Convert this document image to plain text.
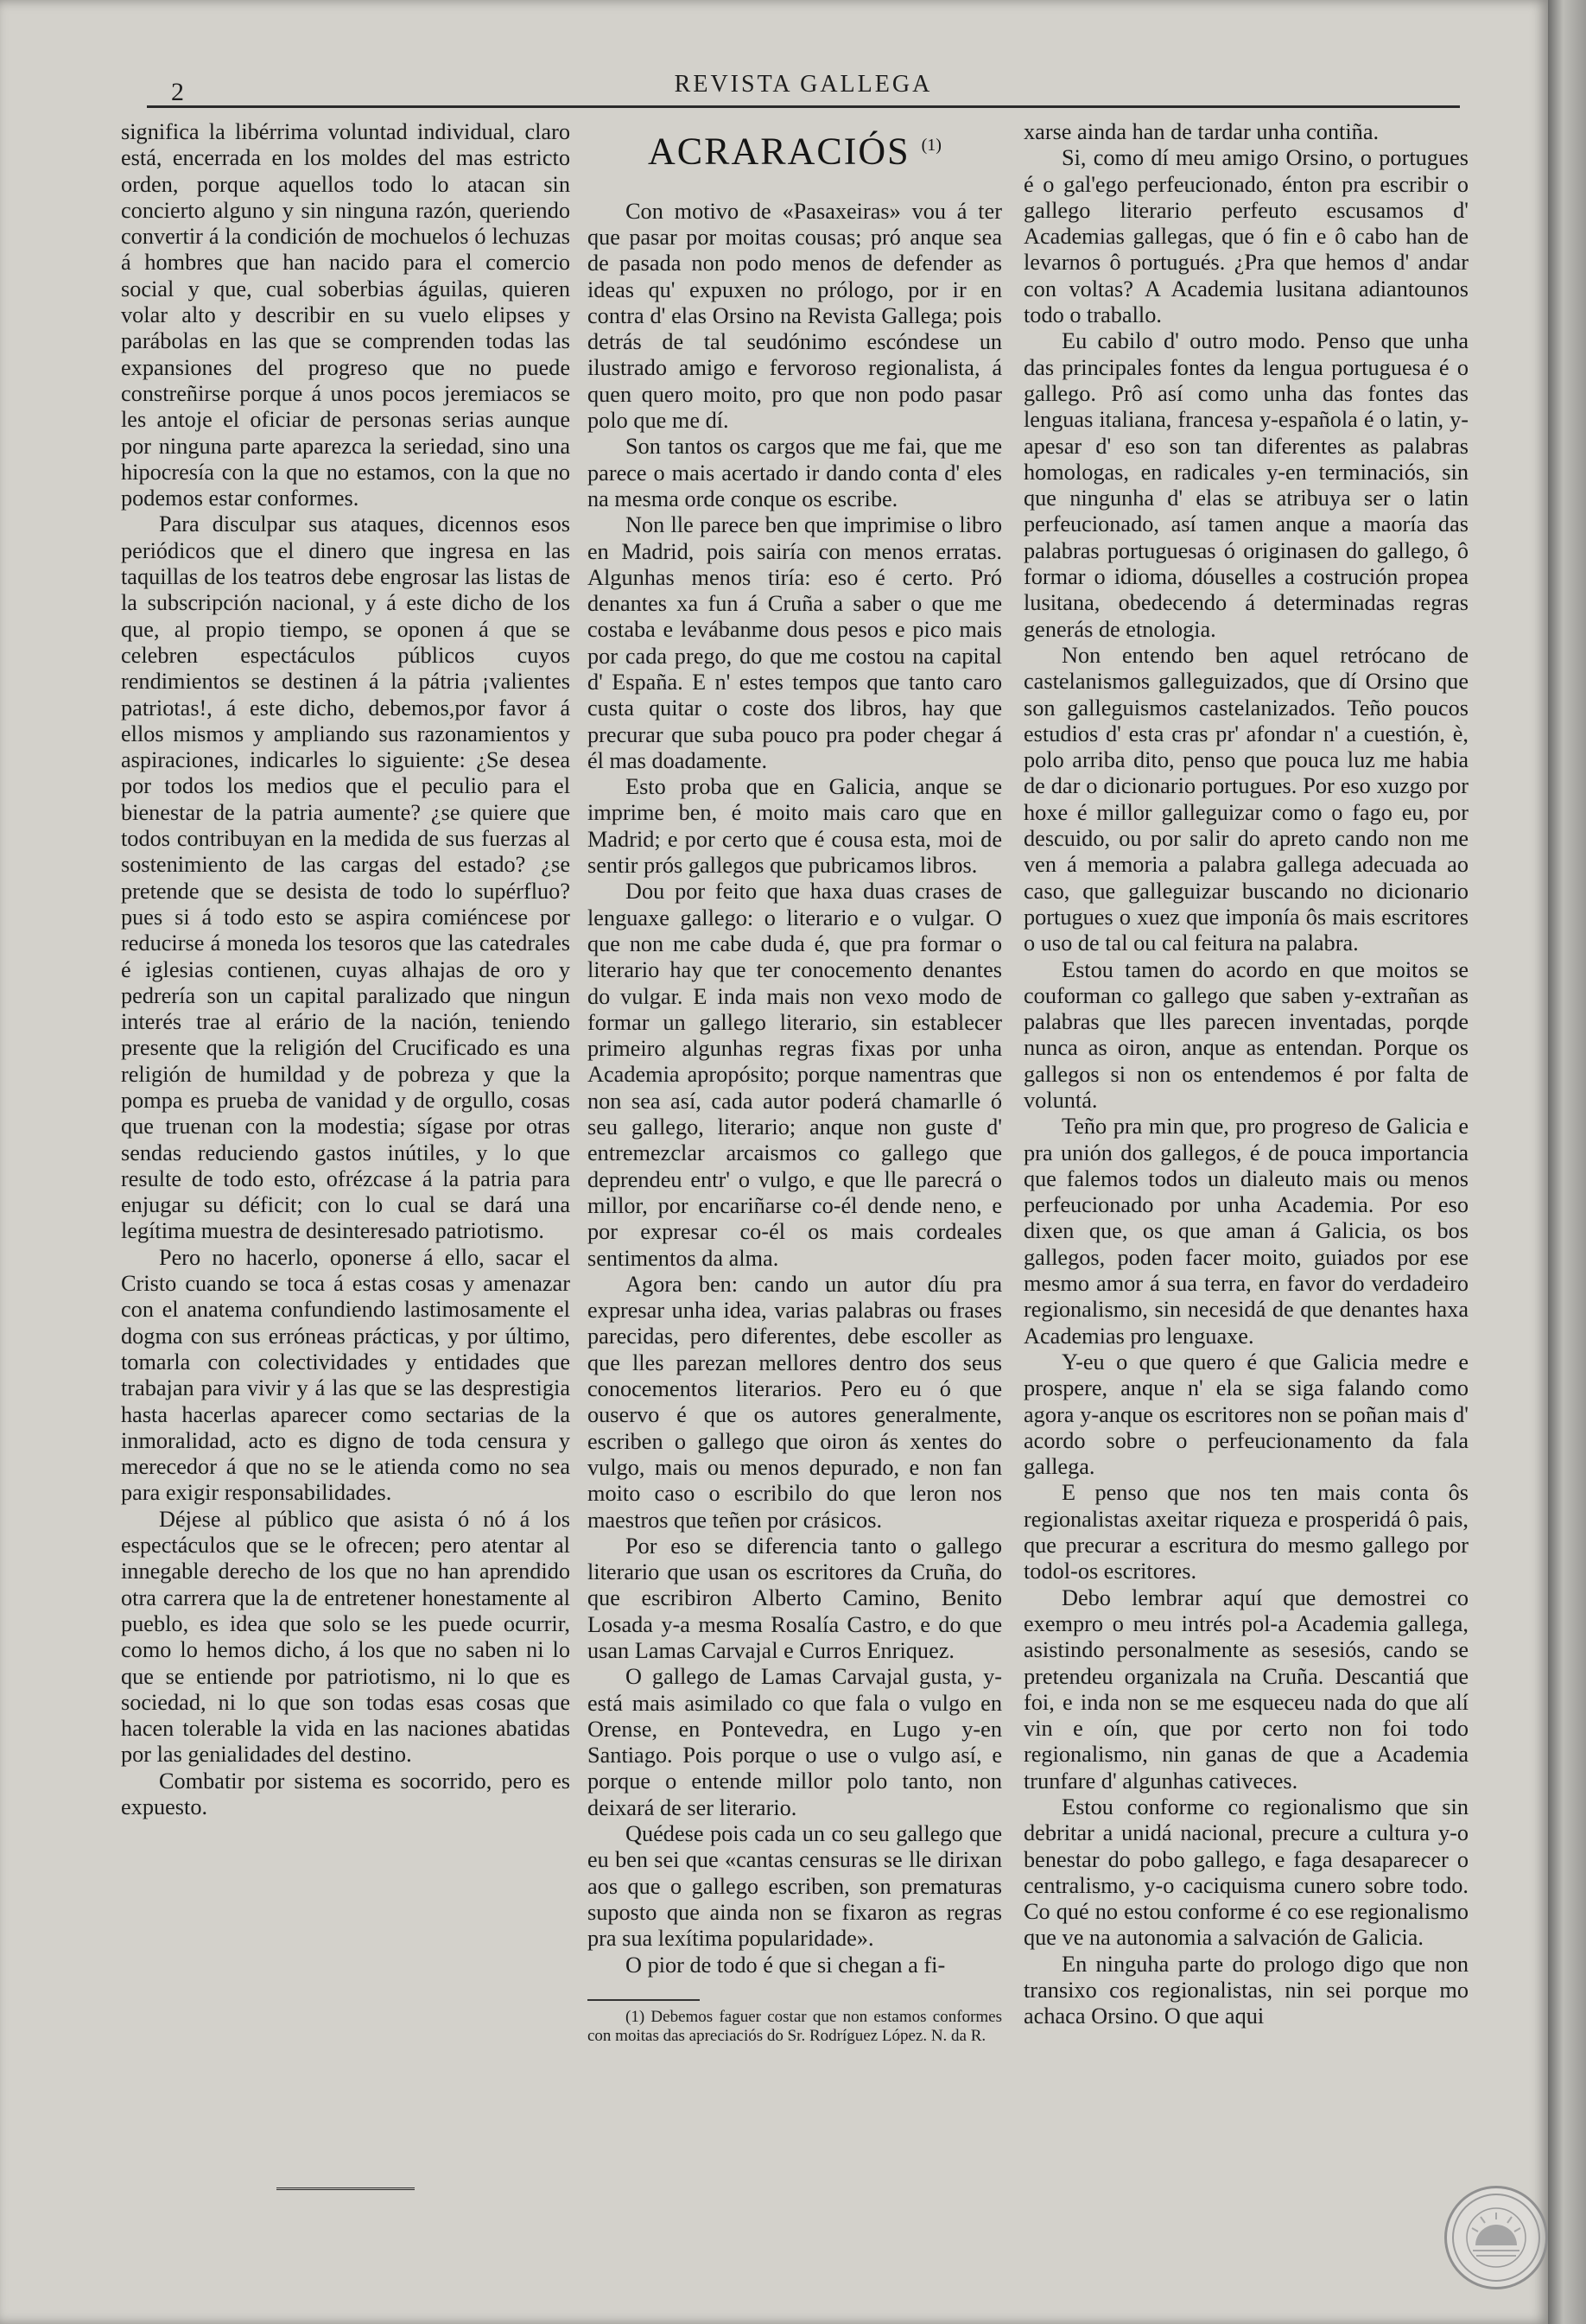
2	REVISTA GALLEGA

significa la libérrima voluntad individual, claro está, encerrada en los moldes del mas estricto orden, porque aquellos todo lo atacan sin concierto alguno y sin ninguna razón, queriendo convertir á la condición de mochuelos ó lechuzas á hombres que han nacido para el comercio social y que, cual soberbias águilas, quieren volar alto y describir en su vuelo elipses y parábolas en las que se comprenden todas las expansiones del progreso que no puede constreñirse porque á unos pocos jeremiacos se les antoje el oficiar de personas serias aunque por ninguna parte aparezca la seriedad, sino una hipocresía con la que no estamos, con la que no podemos estar conformes.

Para disculpar sus ataques, dicennos esos periódicos que el dinero que ingresa en las taquillas de los teatros debe engrosar las listas de la subscripción nacional, y á este dicho de los que, al propio tiempo, se oponen á que se celebren espectáculos públicos cuyos rendimientos se destinen á la pátria ¡valientes patriotas!, á este dicho, debemos,por favor á ellos mismos y ampliando sus razonamientos y aspiraciones, indicarles lo siguiente: ¿Se desea por todos los medios que el peculio para el bienestar de la patria aumente? ¿se quiere que todos contribuyan en la medida de sus fuerzas al sostenimiento de las cargas del estado? ¿se pretende que se desista de todo lo supérfluo? pues si á todo esto se aspira comiéncese por reducirse á moneda los tesoros que las catedrales é iglesias contienen, cuyas alhajas de oro y pedrería son un capital paralizado que ningun interés trae al erário de la nación, teniendo presente que la religión del Crucificado es una religión de humildad y de pobreza y que la pompa es prueba de vanidad y de orgullo, cosas que truenan con la modestia; sígase por otras sendas reduciendo gastos inútiles, y lo que resulte de todo esto, ofrézcase á la patria para enjugar su déficit; con lo cual se dará una legítima muestra de desinteresado patriotismo.

Pero no hacerlo, oponerse á ello, sacar el Cristo cuando se toca á estas cosas y amenazar con el anatema confundiendo lastimosamente el dogma con sus erróneas prácticas, y por último, tomarla con colectividades y entidades que trabajan para vivir y á las que se las desprestigia hasta hacerlas aparecer como sectarias de la inmoralidad, acto es digno de toda censura y merecedor á que no se le atienda como no sea para exigir responsabilidades.

Déjese al público que asista ó nó á los espectáculos que se le ofrecen; pero atentar al innegable derecho de los que no han aprendido otra carrera que la de entretener honestamente al pueblo, es idea que solo se les puede ocurrir, como lo hemos dicho, á los que no saben ni lo que se entiende por patriotismo, ni lo que es sociedad, ni lo que son todas esas cosas que hacen tolerable la vida en las naciones abatidas por las genialidades del destino.

Combatir por sistema es socorrido, pero es expuesto.

ACRARACIÓS $^{(1)}$

Con motivo de «Pasaxeiras» vou á ter que pasar por moitas cousas; pró anque sea de pasada non podo menos de defender as ideas qu' expuxen no prólogo, por ir en contra d' elas Orsino na Revista Gallega; pois detrás de tal seudónimo escóndese un ilustrado amigo e fervoroso regionalista, á quen quero moito, pro que non podo pasar polo que me dí.

Son tantos os cargos que me fai, que me parece o mais acertado ir dando conta d' eles na mesma orde conque os escribe.

Non lle parece ben que imprimise o libro en Madrid, pois sairía con menos erratas. Algunhas menos tiría: eso é certo. Pró denantes xa fun á Cruña a saber o que me costaba e levábanme dous pesos e pico mais por cada prego, do que me costou na capital d' España. E n' estes tempos que tanto caro custa quitar o coste dos libros, hay que precurar que suba pouco pra poder chegar á él mas doadamente.

Esto proba que en Galicia, anque se imprime ben, é moito mais caro que en Madrid; e por certo que é cousa esta, moi de sentir prós gallegos que pubricamos libros.

Dou por feito que haxa duas crases de lenguaxe gallego: o literario e o vulgar. O que non me cabe duda é, que pra formar o literario hay que ter conocemento denantes do vulgar. E inda mais non vexo modo de formar un gallego literario, sin establecer primeiro algunhas regras fixas por unha Academia apropósito; porque namentras que non sea así, cada autor poderá chamarlle ó seu gallego, literario; anque non guste d' entremezclar arcaismos co gallego que deprendeu entr' o vulgo, e que lle parecrá o millor, por encariñarse co-él dende neno, e por expresar co-él os mais cordeales sentimentos da alma.

Agora ben: cando un autor díu pra expresar unha idea, varias palabras ou frases parecidas, pero diferentes, debe escoller as que lles parezan mellores dentro dos seus conocementos literarios. Pero eu ó que ouservo é que os autores generalmente, escriben o gallego que oiron ás xentes do vulgo, mais ou menos depurado, e non fan moito caso o escribilo do que leron nos maestros que teñen por crásicos.

Por eso se diferencia tanto o gallego literario que usan os escritores da Cruña, do que escribiron Alberto Camino, Benito Losada y-a mesma Rosalía Castro, e do que usan Lamas Carvajal e Curros Enriquez.

O gallego de Lamas Carvajal gusta, y-está mais asimilado co que fala o vulgo en Orense, en Pontevedra, en Lugo y-en Santiago. Pois porque o use o vulgo así, e porque o entende millor polo tanto, non deixará de ser literario.

Quédese pois cada un co seu gallego que eu ben sei que «cantas censuras se lle dirixan aos que o gallego escriben, son prematuras suposto que ainda non se fixaron as regras pra sua lexítima popularidade».

O pior de todo é que si chegan a fi-

(1) Debemos faguer costar que non estamos conformes con moitas das apreciaciós do Sr. Rodríguez López. N. da R.

xarse ainda han de tardar unha contiña.

Si, como dí meu amigo Orsino, o portugues é o gal'ego perfeucionado, énton pra escribir o gallego literario perfeuto escusamos d' Academias gallegas, que ó fin e ô cabo han de levarnos ô portugués. ¿Pra que hemos d' andar con voltas? A Academia lusitana adiantounos todo o traballo.

Eu cabilo d' outro modo. Penso que unha das principales fontes da lengua portuguesa é o gallego. Prô así como unha das fontes das lenguas italiana, francesa y-española é o latin, y-apesar d' eso son tan diferentes as palabras homologas, en radicales y-en terminaciós, sin que ningunha d' elas se atribuya ser o latin perfeucionado, así tamen anque a maoría das palabras portuguesas ó originasen do gallego, ô formar o idioma, dóuselles a costrución propea lusitana, obedecendo á determinadas regras generás de etnologia.

Non entendo ben aquel retrócano de castelanismos galleguizados, que dí Orsino que son galleguismos castelanizados. Teño poucos estudios d' esta cras pr' afondar n' a cuestión, è, polo arriba dito, penso que pouca luz me habia de dar o dicionario portugues. Por eso xuzgo por hoxe é millor galleguizar como o fago eu, por descuido, ou por salir do apreto cando non me ven á memoria a palabra gallega adecuada ao caso, que galleguizar buscando no dicionario portugues o xuez que imponía ôs mais escritores o uso de tal ou cal feitura na palabra.

Estou tamen do acordo en que moitos se couforman co gallego que saben y-extrañan as palabras que lles parecen inventadas, porqde nunca as oiron, anque as entendan. Porque os gallegos si non os entendemos é por falta de voluntá.

Teño pra min que, pro progreso de Galicia e pra unión dos gallegos, é de pouca importancia que falemos todos un dialeuto mais ou menos perfeucionado por unha Academia. Por eso dixen que, os que aman á Galicia, os bos gallegos, poden facer moito, guiados por ese mesmo amor á sua terra, en favor do verdadeiro regionalismo, sin necesidá de que denantes haxa Academias pro lenguaxe.

Y-eu o que quero é que Galicia medre e prospere, anque n' ela se siga falando como agora y-anque os escritores non se poñan mais d' acordo sobre o perfeucionamento da fala gallega.

E penso que nos ten mais conta ôs regionalistas axeitar riqueza e prosperidá ô pais, que precurar a escritura do mesmo gallego por todol-os escritores.

Debo lembrar aquí que demostrei co exempro o meu intrés pol-a Academia gallega, asistindo personalmente as sesesiós, cando se pretendeu organizala na Cruña. Descantiá que foi, e inda non se me esqueceu nada do que alí vin e oín, que por certo non foi todo regionalismo, nin ganas de que a Academia trunfare d' algunhas cativeces.

Estou conforme co regionalismo que sin debritar a unidá nacional, precure a cultura y-o benestar do pobo gallego, e faga desaparecer o centralismo, y-o caciquisma cunero sobre todo. Co qué no estou conforme é co ese regionalismo que ve na autonomia a salvación de Galicia.

En ninguha parte do prologo digo que non transixo cos regionalistas, nin sei porque mo achaca Orsino. O que aqui
